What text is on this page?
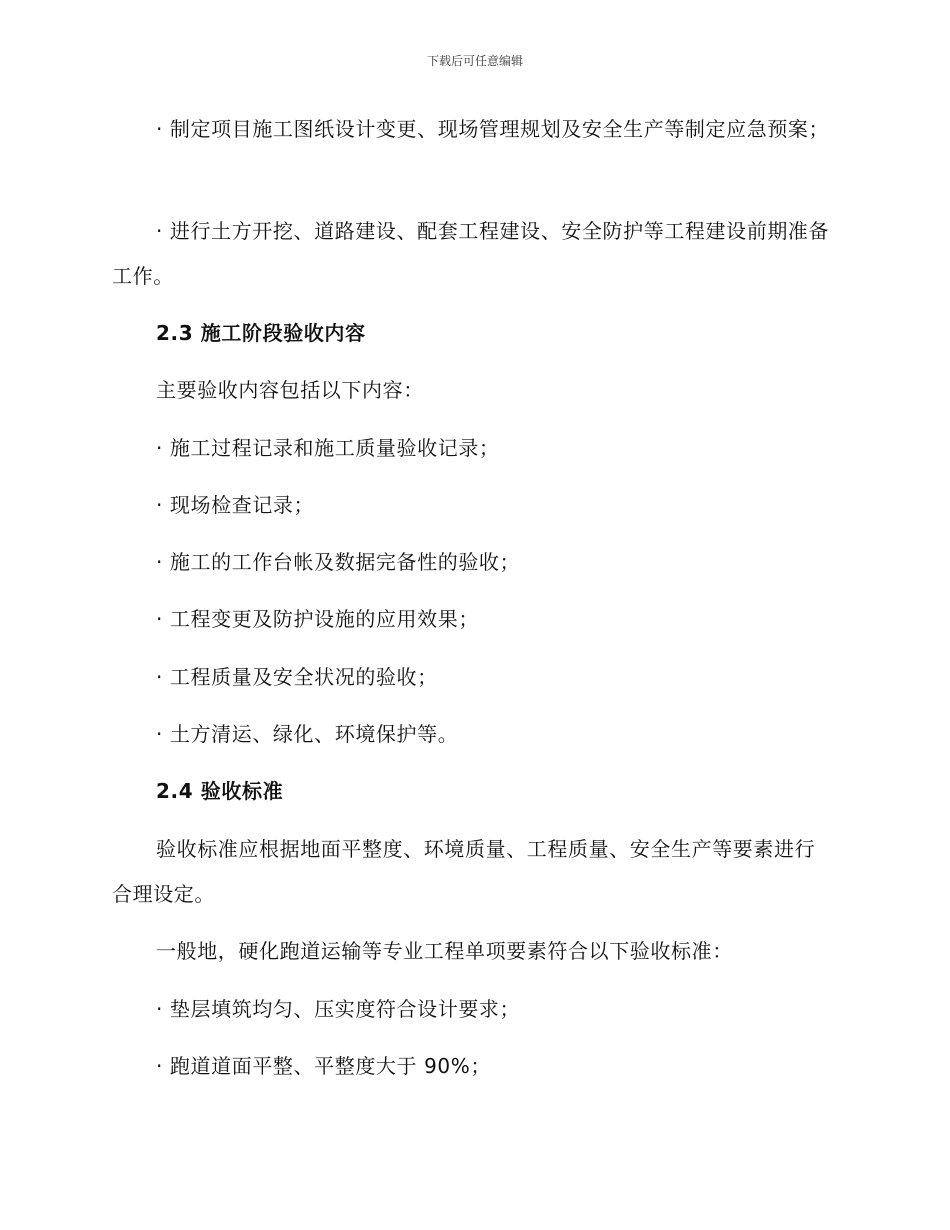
下载后可任意编辑
· 制定项目施工图纸设计变更、现场管理规划及安全生产等制定应急预案；
· 进行土方开挖、道路建设、配套工程建设、安全防护等工程建设前期准备工作。
2.3 施工阶段验收内容
主要验收内容包括以下内容：
· 施工过程记录和施工质量验收记录；
· 现场检查记录；
· 施工的工作台帐及数据完备性的验收；
· 工程变更及防护设施的应用效果；
· 工程质量及安全状况的验收；
· 土方清运、绿化、环境保护等。
2.4 验收标准
验收标准应根据地面平整度、环境质量、工程质量、安全生产等要素进行合理设定。
一般地，硬化跑道运输等专业工程单项要素符合以下验收标准：
· 垫层填筑均匀、压实度符合设计要求；
· 跑道道面平整、平整度大于 90%；
